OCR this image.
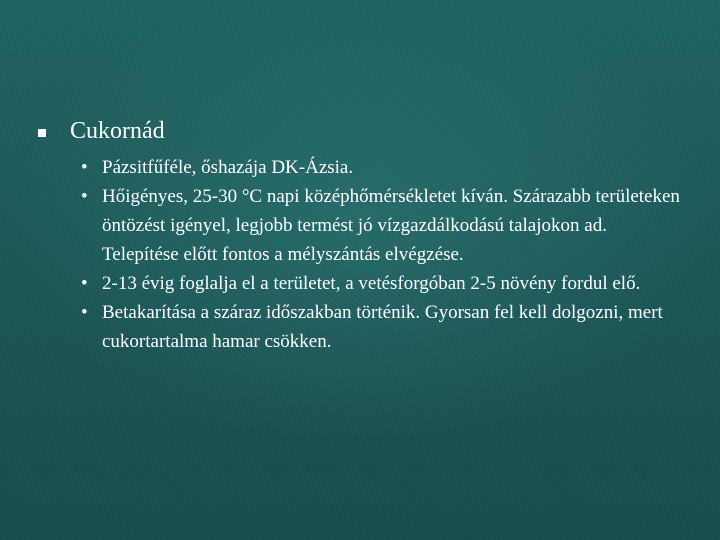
Cukornád
• Pázsitfűféle, őshazája DK-Ázsia.
• Hőigényes, 25-30 °C napi középhőmérsékletet kíván. Szárazabb területeken öntözést igényel, legjobb termést jó vízgazdálkodású talajokon ad. Telepítése előtt fontos a mélyszántás elvégzése.
• 2-13 évig foglalja el a területet, a vetésforgóban 2-5 növény fordul elő.
• Betakarítása a száraz időszakban történik. Gyorsan fel kell dolgozni, mert cukortartalma hamar csökken.
